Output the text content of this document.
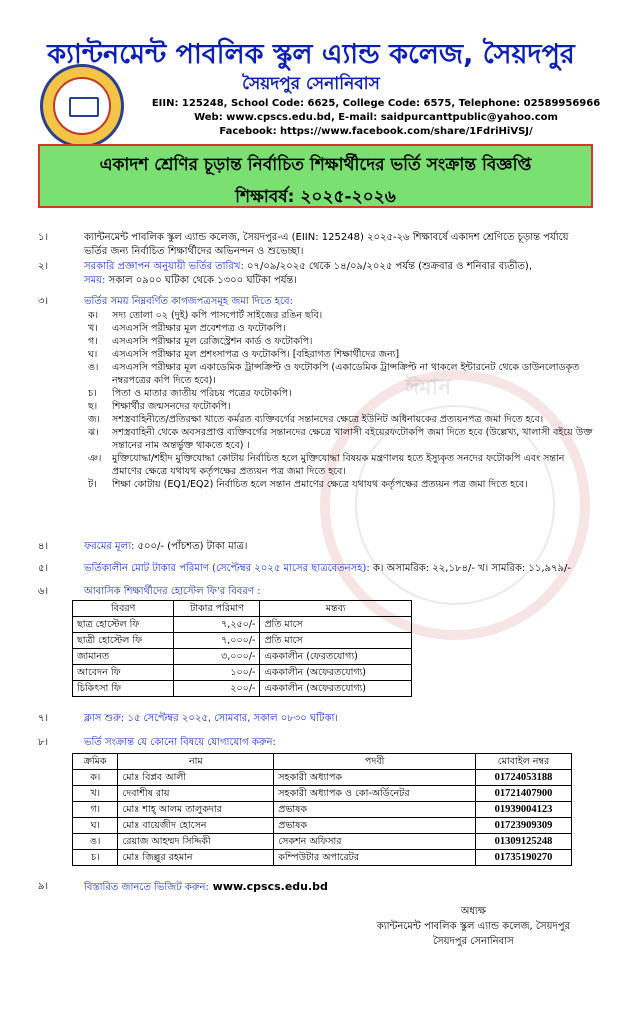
ঈমান
ক্যান্টনমেন্ট পাবলিক স্কুল এ্যান্ড কলেজ, সৈয়দপুর
সৈয়দপুর সেনানিবাস
EIIN: 125248, School Code: 6625, College Code: 6575, Telephone: 02589956966
Web: www.cpscs.edu.bd, E-mail: saidpurcanttpublic@yahoo.com
Facebook: https://www.facebook.com/share/1FdriHiVSJ/
একাদশ শ্রেণির চূড়ান্ত নির্বাচিত শিক্ষার্থীদের ভর্তি সংক্রান্ত বিজ্ঞপ্তি
শিক্ষাবর্ষ: ২০২৫-২০২৬
১।	ক্যান্টনমেন্ট পাবলিক স্কুল এ্যান্ড কলেজ, সৈয়দপুর-এ (EIIN: 125248) ২০২৫-২৬ শিক্ষাবর্ষে একাদশ শ্রেণিতে চূড়ান্ত পর্যায়ে
ভর্তির জন্য নির্বাচিত শিক্ষার্থীদের অভিনন্দন ও শুভেচ্ছা।
২।	সরকারি প্রজ্ঞাপন অনুযায়ী ভর্তির তারিখ: ০৭/০৯/২০২৫ থেকে ১৪/০৯/২০২৫ পর্যন্ত (শুক্রবার ও শনিবার ব্যতীত),
সময়: সকাল ০৯০০ ঘটিকা থেকে ১৩০০ ঘটিকা পর্যন্ত।
৩।	ভর্তির সময় নিম্নবর্ণিত কাগজপত্রসমূহ জমা দিতে হবে:
ক। সদ্য তোলা ০২ (দুই) কপি পাসপোর্ট সাইজের রঙিন ছবি।
খ। এসএসসি পরীক্ষার মূল প্রবেশপত্র ও ফটোকপি।
গ। এসএসসি পরীক্ষার মূল রেজিস্ট্রেশন কার্ড ও ফটোকপি।
ঘ। এসএসসি পরীক্ষার মূল প্রশংসাপত্র ও ফটোকপি। [বহিরাগত শিক্ষার্থীদের জন্য]
ঙ। এসএসসি পরীক্ষার মূল একাডেমিক ট্রান্সক্রিপ্ট ও ফটোকপি (একাডেমিক ট্রান্সক্রিপ্ট না থাকলে ইন্টারনেট থেকে ডাউনলোডকৃত নম্বরপত্রের কপি দিতে হবে)।
চ। পিতা ও মাতার জাতীয় পরিচয় পত্রের ফটোকপি।
ছ। শিক্ষার্থীর জন্মসনদের ফটোকপি।
জ। সশস্ত্রবাহিনীতে/প্রতিরক্ষা খাতে কর্মরত ব্যক্তিবর্গের সন্তানদের ক্ষেত্রে ইউনিট অধিনায়কের প্রত্যয়নপত্র জমা দিতে হবে।
ঝ। সশস্ত্রবাহিনী থেকে অবসরপ্রাপ্ত ব্যক্তিবর্গের সন্তানদের ক্ষেত্রে খালাসী বইয়েরফটোকপি জমা দিতে হবে (উল্লেখ্য, খালাসী বইয়ে উক্ত সন্তানের নাম অন্তর্ভুক্ত থাকতে হবে) ।
ঞ। মুক্তিযোদ্ধা/শহীদ মুক্তিযোদ্ধা কোটায় নির্বাচিত হলে মুক্তিযোদ্ধা বিষয়ক মন্ত্রণালয় হতে ইস্যুকৃত সনদের ফটোকপি এবং সন্তান প্রমাণের ক্ষেত্রে যথাযথ কর্তৃপক্ষের প্রত্যয়ন পত্র জমা দিতে হবে।
ট। শিক্ষা কোটায় (EQ1/EQ2) নির্বাচিত হলে সন্তান প্রমাণের ক্ষেত্রে যথাযথ কর্তৃপক্ষের প্রত্যয়ন পত্র জমা দিতে হবে।
৪।	ফরমের মূল্য: ৫০০/- (পাঁচশত) টাকা মাত্র।
৫।	ভর্তিকালীন মোট টাকার পরিমাণ (সেপ্টেম্বর ২০২৫ মাসের ছাত্রবেতনসহ): ক। অসামরিক: ২২,১৮৪/- খ। সামরিক: ১১,৯৭৯/-
৬।	আবাসিক শিক্ষার্থীদের হোস্টেল ফি'র বিবরণ :
বিবরণ	টাকার পরিমাণ	মন্তব্য
ছাত্র হোস্টেল ফি	৭,২৫০/-	প্রতি মাসে
ছাত্রী হোস্টেল ফি	৭,০০০/-	প্রতি মাসে
জামানত	৩,০০০/-	এককালীন (ফেরতযোগ্য)
আবেদন ফি	১০০/-	এককালীন (অফেরতযোগ্য)
চিকিৎসা ফি	২০০/-	এককালীন (অফেরতযোগ্য)
৭।	ক্লাস শুরু: ১৫ সেপ্টেম্বর ২০২৫, সোমবার, সকাল ০৮৩০ ঘটিকা।
৮।	ভর্তি সংক্রান্ত যে কোনো বিষয়ে যোগাযোগ করুন:
ক্রমিক	নাম	পদবী	মোবাইল নম্বর
ক।	মোঃ বিপ্লব আলী	সহকারী অধ্যাপক	01724053188
খ।	দেবাশীষ রায়	সহকারী অধ্যাপক ও কো-অর্ডিনেটর	01721407900
গ।	মোঃ শাহ্ আলম তালুকদার	প্রভাষক	01939004123
ঘ।	মোঃ বায়েজীদ হোসেন	প্রভাষক	01723909309
ঙ।	রেয়াজ আহম্মদ সিদ্দিকী	সেকশন অফিসার	01309125248
চ।	মোঃ জিল্লুর রহমান	কম্পিউটার অপারেটর	01735190270
৯।	বিস্তারিত জানতে ভিজিট করুন: www.cpscs.edu.bd
অধ্যক্ষ
ক্যান্টনমেন্ট পাবলিক স্কুল এ্যান্ড কলেজ, সৈয়দপুর
সৈয়দপুর সেনানিবাস
